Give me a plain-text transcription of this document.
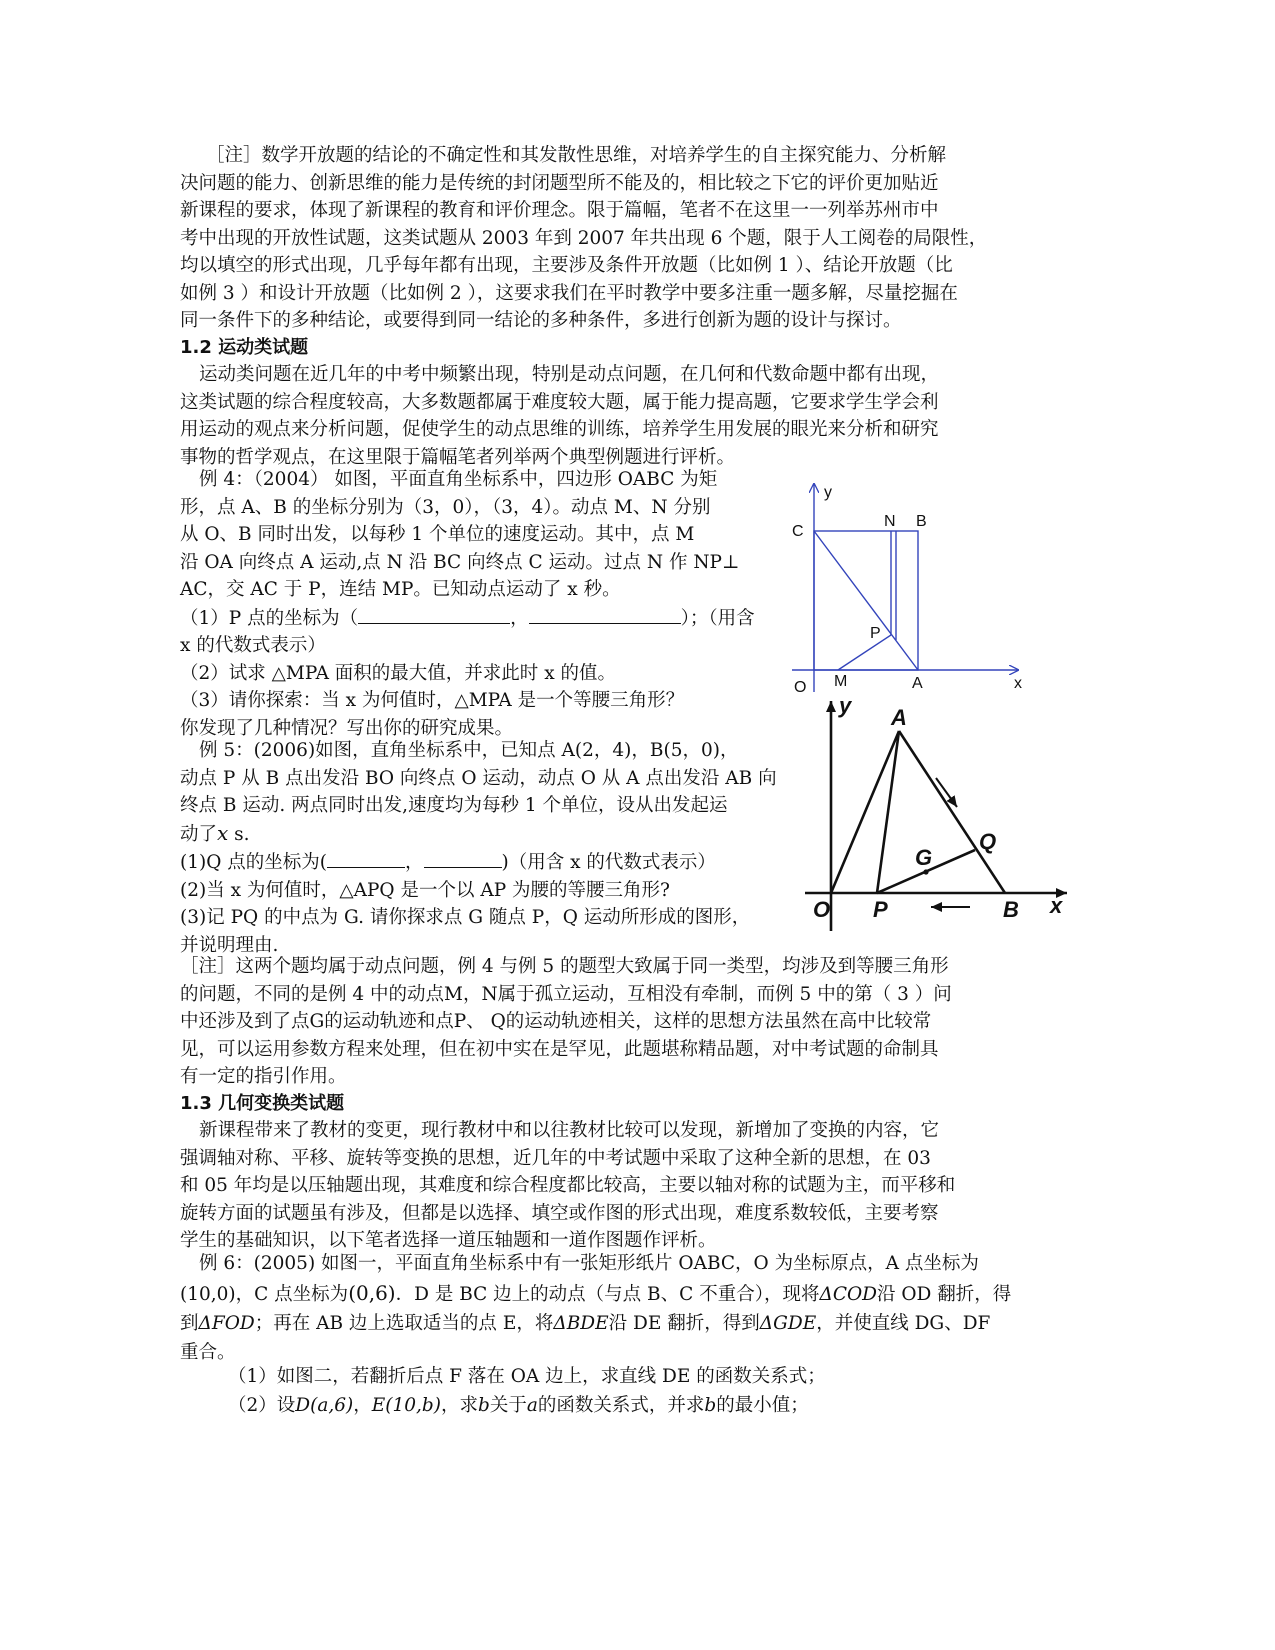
［注］数学开放题的结论的不确定性和其发散性思维，对培养学生的自主探究能力、分析解

决问题的能力、创新思维的能力是传统的封闭题型所不能及的，相比较之下它的评价更加贴近

新课程的要求，体现了新课程的教育和评价理念。限于篇幅，笔者不在这里一一列举苏州市中

考中出现的开放性试题，这类试题从 2003 年到 2007 年共出现 6 个题，限于人工阅卷的局限性，

均以填空的形式出现，几乎每年都有出现，主要涉及条件开放题（比如例 1 ）、结论开放题（比

如例 3 ）和设计开放题（比如例 2 ），这要求我们在平时教学中要多注重一题多解，尽量挖掘在

同一条件下的多种结论，或要得到同一结论的多种条件，多进行创新为题的设计与探讨。

1.2 运动类试题

运动类问题在近几年的中考中频繁出现，特别是动点问题，在几何和代数命题中都有出现，

这类试题的综合程度较高，大多数题都属于难度较大题，属于能力提高题，它要求学生学会利

用运动的观点来分析问题，促使学生的动点思维的训练，培养学生用发展的眼光来分析和研究

事物的哲学观点，在这里限于篇幅笔者列举两个典型例题进行评析。

例 4：（2004） 如图，平面直角坐标系中，四边形 OABC 为矩

形，点 A、B 的坐标分别为（3，0），（3，4）。动点 M、N 分别

从 O、B 同时出发，以每秒 1 个单位的速度运动。其中，点 M

沿 OA 向终点 A 运动,点 N 沿 BC 向终点 C 运动。过点 N 作 NP⊥

AC，交 AC 于 P，连结 MP。已知动点运动了 x 秒。

（1）P 点的坐标为（	，	）；（用含

x 的代数式表示）

（2）试求 △MPA 面积的最大值，并求此时 x 的值。

（3）请你探索：当 x 为何值时，△MPA 是一个等腰三角形？

你发现了几种情况？写出你的研究成果。

y
C
N B
P
M	A
O	x

例 5：(2006)如图，直角坐标系中，已知点 A(2，4)，B(5，0)，

动点 P 从 B 点出发沿 BO 向终点 O 运动，动点 O 从 A 点出发沿 AB 向

终点 B 运动. 两点同时出发,速度均为每秒 1 个单位，设从出发起运

动了x s.

(1)Q 点的坐标为(	，	)（用含 x 的代数式表示）

(2)当 x 为何值时，△APQ 是一个以 AP 为腰的等腰三角形?

(3)记 PQ 的中点为 G. 请你探求点 G 随点 P，Q 运动所形成的图形，

并说明理由.

y A
Q
G
O P	B x

［注］这两个题均属于动点问题，例 4 与例 5 的题型大致属于同一类型，均涉及到等腰三角形

的问题，不同的是例 4 中的动点M，N属于孤立运动，互相没有牵制，而例 5 中的第（ 3 ）问

中还涉及到了点G的运动轨迹和点P、 Q的运动轨迹相关，这样的思想方法虽然在高中比较常

见，可以运用参数方程来处理，但在初中实在是罕见，此题堪称精品题，对中考试题的命制具

有一定的指引作用。

1.3 几何变换类试题

新课程带来了教材的变更，现行教材中和以往教材比较可以发现，新增加了变换的内容，它

强调轴对称、平移、旋转等变换的思想，近几年的中考试题中采取了这种全新的思想，在 03

和 05 年均是以压轴题出现，其难度和综合程度都比较高，主要以轴对称的试题为主，而平移和

旋转方面的试题虽有涉及，但都是以选择、填空或作图的形式出现，难度系数较低，主要考察

学生的基础知识，以下笔者选择一道压轴题和一道作图题作评析。

例 6：(2005) 如图一，平面直角坐标系中有一张矩形纸片 OABC，O 为坐标原点，A 点坐标为

(10,0)，C 点坐标为(0,6)．D 是 BC 边上的动点（与点 B、C 不重合），现将ΔCOD沿 OD 翻折，得

到ΔFOD；再在 AB 边上选取适当的点 E，将ΔBDE沿 DE 翻折，得到ΔGDE，并使直线 DG、DF

重合。

（1）如图二，若翻折后点 F 落在 OA 边上，求直线 DE 的函数关系式；

（2）设D(a,6)，E(10,b)，求b关于a的函数关系式，并求b的最小值；
